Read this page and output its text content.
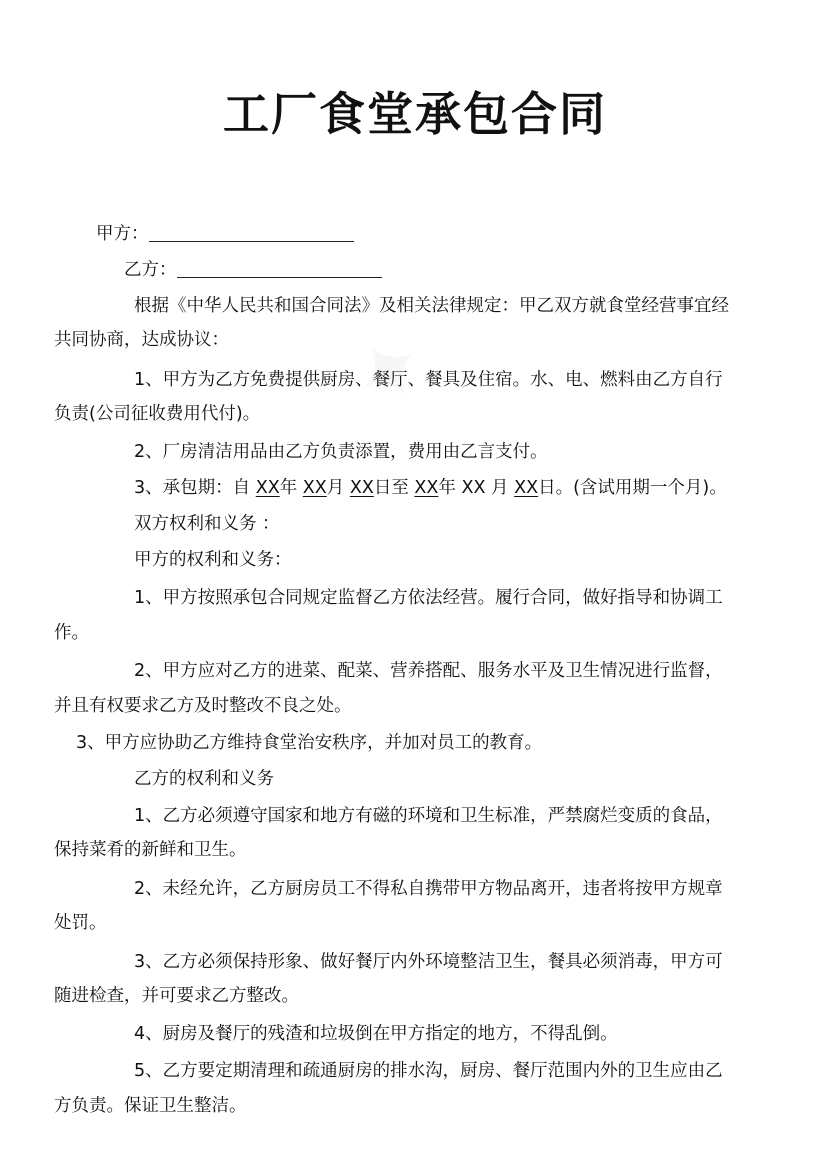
✦
工厂食堂承包合同
甲方：
乙方：
根据《中华人民共和国合同法》及相关法律规定：甲乙双方就食堂经营事宜经
共同协商，达成协议：
1、甲方为乙方免费提供厨房、餐厅、餐具及住宿。水、电、燃料由乙方自行
负责(公司征收费用代付)。
2、厂房清洁用品由乙方负责添置，费用由乙言支付。
3、承包期：自 XX年 XX月 XX日至 XX年 XX 月 XX日。(含试用期一个月)。
双方权利和义务 ：
甲方的权利和义务：
1、甲方按照承包合同规定监督乙方依法经营。履行合同，做好指导和协调工
作。
2、甲方应对乙方的进菜、配菜、营养搭配、服务水平及卫生情况进行监督，
并且有权要求乙方及时整改不良之处。
3、甲方应协助乙方维持食堂治安秩序，并加对员工的教育。
乙方的权利和义务
1、乙方必须遵守国家和地方有磁的环境和卫生标准，严禁腐烂变质的食品，
保持菜肴的新鲜和卫生。
2、未经允许，乙方厨房员工不得私自携带甲方物品离开，违者将按甲方规章
处罚。
3、乙方必须保持形象、做好餐厅内外环境整洁卫生，餐具必须消毒，甲方可
随进检查，并可要求乙方整改。
4、厨房及餐厅的残渣和垃圾倒在甲方指定的地方，不得乱倒。
5、乙方要定期清理和疏通厨房的排水沟，厨房、餐厅范围内外的卫生应由乙
方负责。保证卫生整洁。
